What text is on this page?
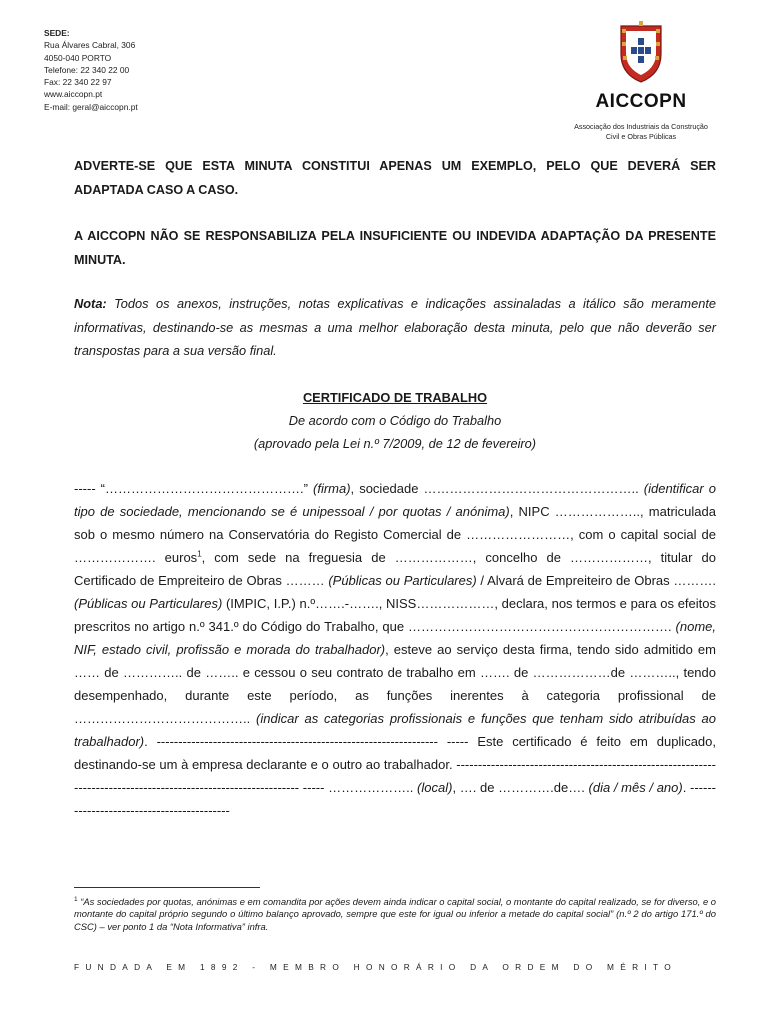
SEDE:
Rua Álvares Cabral, 306
4050-040 PORTO
Telefone: 22 340 22 00
Fax: 22 340 22 97
www.aiccopn.pt
E-mail: geral@aiccopn.pt	AICCOPN
Associação dos Industriais da Construção
Civil e Obras Públicas
ADVERTE-SE QUE ESTA MINUTA CONSTITUI APENAS UM EXEMPLO, PELO QUE DEVERÁ SER ADAPTADA CASO A CASO.
A AICCOPN NÃO SE RESPONSABILIZA PELA INSUFICIENTE OU INDEVIDA ADAPTAÇÃO DA PRESENTE MINUTA.
Nota: Todos os anexos, instruções, notas explicativas e indicações assinaladas a itálico são meramente informativas, destinando-se as mesmas a uma melhor elaboração desta minuta, pelo que não deverão ser transpostas para a sua versão final.
CERTIFICADO DE TRABALHO
De acordo com o Código do Trabalho
(aprovado pela Lei n.º 7/2009, de 12 de fevereiro)

----- “……………………………………….” (firma), sociedade ………………………………………….. (identificar o tipo de sociedade, mencionando se é unipessoal / por quotas / anónima), NIPC ……………….., matriculada sob o mesmo número na Conservatória do Registo Comercial de ……………………, com o capital social de ………………. euros$^1$, com sede na freguesia de ………………, concelho de ………………, titular do Certificado de Empreiteiro de Obras ……… (Públicas ou Particulares) / Alvará de Empreiteiro de Obras ………. (Públicas ou Particulares) (IMPIC, I.P.) n.º…….-……., NISS………………, declara, nos termos e para os efeitos prescritos no artigo n.º 341.º do Código do Trabalho, que ……………………………………………………. (nome, NIF, estado civil, profissão e morada do trabalhador), esteve ao serviço desta firma, tendo sido admitido em …… de ………….. de …….. e cessou o seu contrato de trabalho em ……. de ………………de ……….., tendo desempenhado, durante este período, as funções inerentes à categoria profissional de ………………………………….. (indicar as categorias profissionais e funções que tenham sido atribuídas ao trabalhador). ----------------------------------------------------------------- ----- Este certificado é feito em duplicado, destinando-se um à empresa declarante e o outro ao trabalhador. ---------------------------------------------------------------------------------------------------------------- ----- ……………….. (local), …. de ………….de…. (dia / mês / ano). ------------------------------------------

$^1$ “As sociedades por quotas, anónimas e em comandita por ações devem ainda indicar o capital social, o montante do capital realizado, se for diverso, e o montante do capital próprio segundo o último balanço aprovado, sempre que este for igual ou inferior a metade do capital social” (n.º 2 do artigo 171.º do CSC) – ver ponto 1 da “Nota Informativa” infra.

FUNDADA EM 1892 - MEMBRO HONORÁRIO DA ORDEM DO MÉRITO
